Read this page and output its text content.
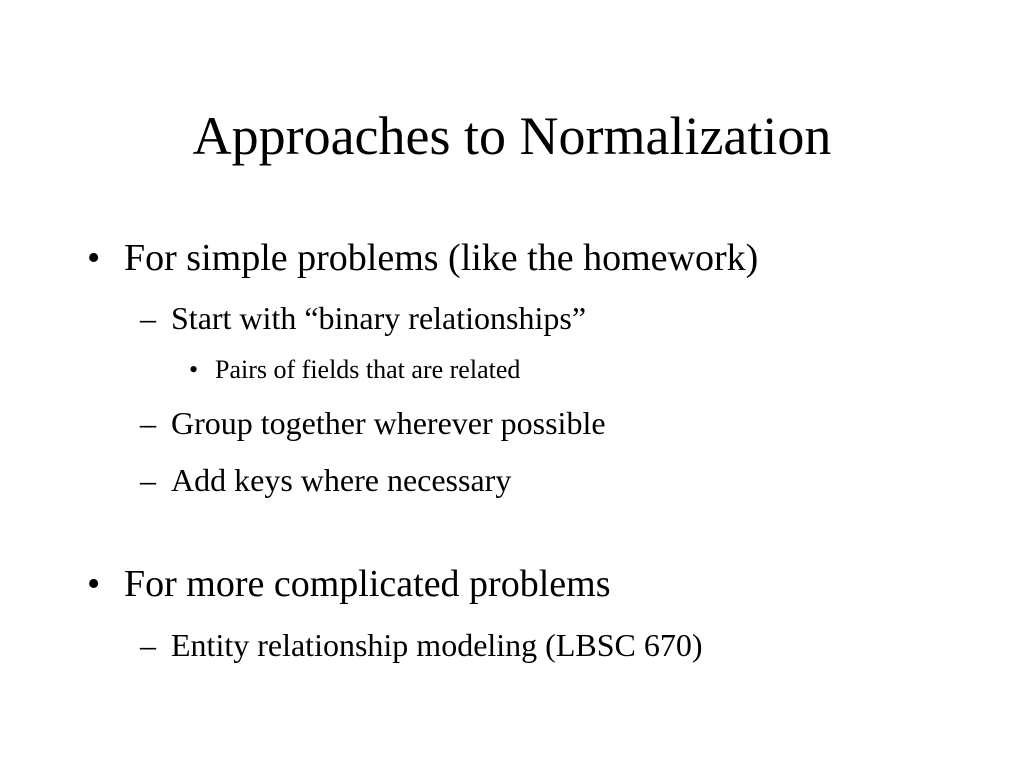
Approaches to Normalization
• For simple problems (like the homework)
– Start with “binary relationships”
• Pairs of fields that are related
– Group together wherever possible
– Add keys where necessary
• For more complicated problems
– Entity relationship modeling (LBSC 670)
